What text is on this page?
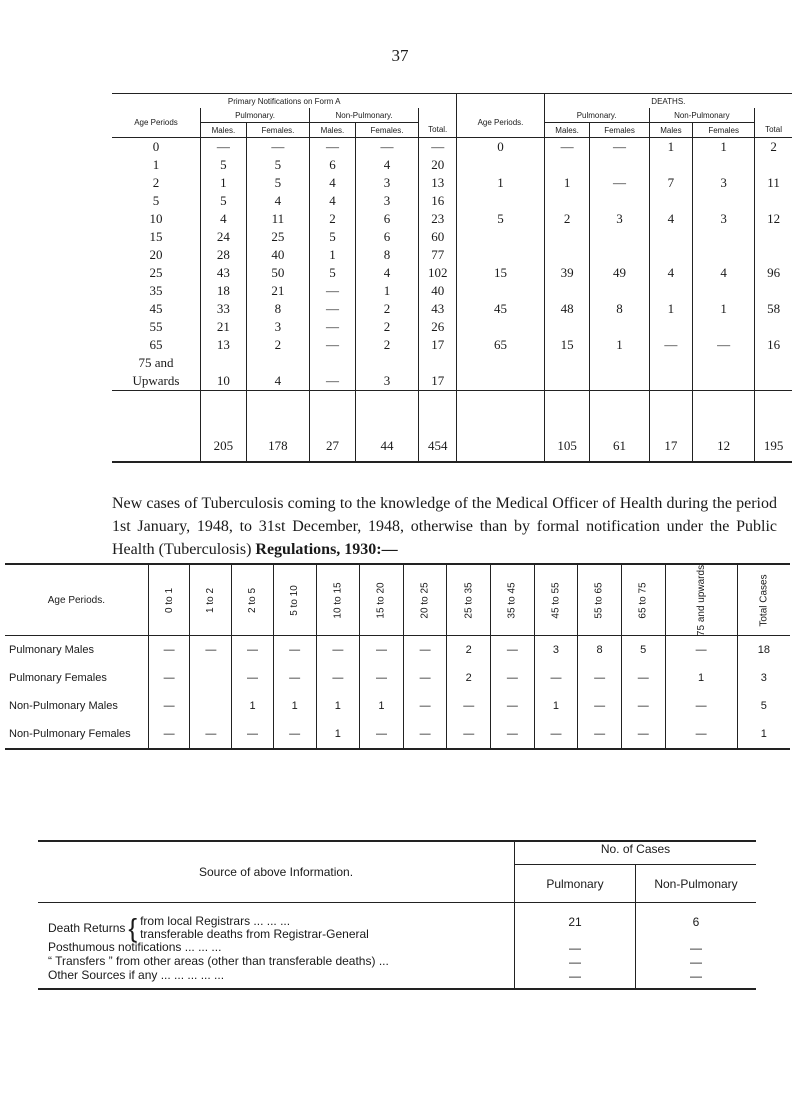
37
Primary Notifications on Form A							DEATHS.				
Age Periods	Pulmonary.		Non-Pulmonary.			Age Periods.	Pulmonary.		Non-Pulmonary		
	Males.	Females.	Males.	Females.	Total.		Males.	Females	Males	Females	Total
0	—	—	—	—	—	0	—	—	1	1	2
1	5	5	6	4	20						
2	1	5	4	3	13	1	1	—	7	3	11
5	5	4	4	3	16						
10	4	11	2	6	23	5	2	3	4	3	12
15	24	25	5	6	60						
20	28	40	1	8	77						
25	43	50	5	4	102	15	39	49	4	4	96
35	18	21	—	1	40						
45	33	8	—	2	43	45	48	8	1	1	58
55	21	3	—	2	26						
65	13	2	—	2	17	65	15	1	—	—	16
75 and											
Upwards	10	4	—	3	17						

	205	178	27	44	454		105	61	17	12	195
New cases of Tuberculosis coming to the knowledge of the Medical Officer of Health during the period 1st January, 1948, to 31st December, 1948, otherwise than by formal notification under the Public Health (Tuberculosis) Regulations, 1930:—
Age Periods.	0 to 1	1 to 2	2 to 5	5 to 10	10 to 15	15 to 20	20 to 25	25 to 35	35 to 45	45 to 55	55 to 65	65 to 75	75 and upwards	Total Cases
Pulmonary Males	—	—	—	—	—	—	—	2	—	3	8	5	—	18
Pulmonary Females	—		—	—	—	—	—	2	—	—	—	—	1	3
Non-Pulmonary Males	—		1	1	1	1	—	—	—	1	—	—	—	5
Non-Pulmonary Females	—	—	—	—	1	—	—	—	—	—	—	—	—	1
Source of above Information.	No. of Cases	
	Pulmonary	Non-Pulmonary

Death Returns { from local Registrars ... ... ...
transferable deaths from Registrar-General	21	6
Posthumous notifications ... ... ...	—	—
“ Transfers ” from other areas (other than transferable deaths) ...	—	—
Other Sources if any ... ... ... ... ...	—	—
